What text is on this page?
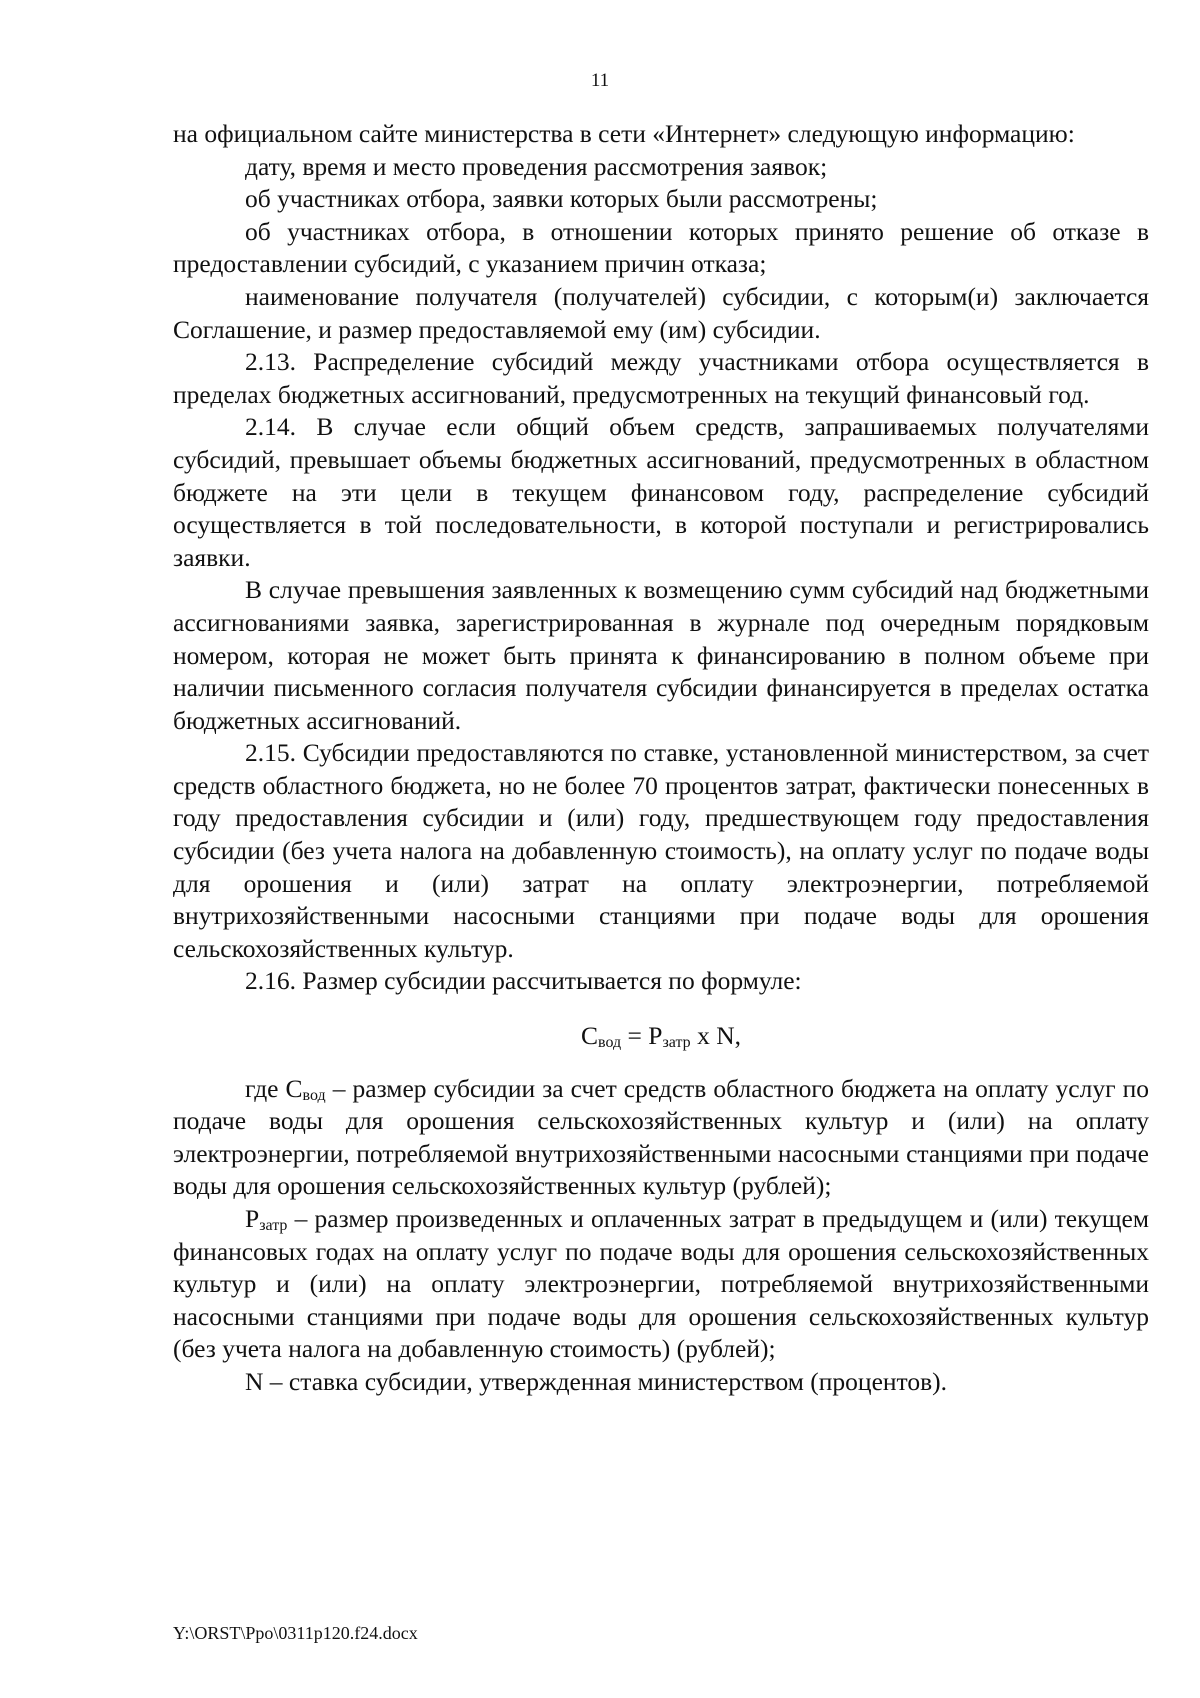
11

на официальном сайте министерства в сети «Интернет» следующую информацию:

дату, время и место проведения рассмотрения заявок;

об участниках отбора, заявки которых были рассмотрены;

об участниках отбора, в отношении которых принято решение об отказе в предоставлении субсидий, с указанием причин отказа;

наименование получателя (получателей) субсидии, с которым(и) заключается Соглашение, и размер предоставляемой ему (им) субсидии.

2.13. Распределение субсидий между участниками отбора осуществляется в пределах бюджетных ассигнований, предусмотренных на текущий финансовый год.

2.14. В случае если общий объем средств, запрашиваемых получателями субсидий, превышает объемы бюджетных ассигнований, предусмотренных в областном бюджете на эти цели в текущем финансовом году, распределение субсидий осуществляется в той последовательности, в которой поступали и регистрировались заявки.

В случае превышения заявленных к возмещению сумм субсидий над бюджетными ассигнованиями заявка, зарегистрированная в журнале под очередным порядковым номером, которая не может быть принята к финансированию в полном объеме при наличии письменного согласия получателя субсидии финансируется в пределах остатка бюджетных ассигнований.

2.15. Субсидии предоставляются по ставке, установленной министерством, за счет средств областного бюджета, но не более 70 процентов затрат, фактически понесенных в году предоставления субсидии и (или) году, предшествующем году предоставления субсидии (без учета налога на добавленную стоимость), на оплату услуг по подаче воды для орошения и (или) затрат на оплату электроэнергии, потребляемой внутрихозяйственными насосными станциями при подаче воды для орошения сельскохозяйственных культур.

2.16. Размер субсидии рассчитывается по формуле:

$С_{вод} = Р_{затр}$ х N,

где $С_{вод}$ – размер субсидии за счет средств областного бюджета на оплату услуг по подаче воды для орошения сельскохозяйственных культур и (или) на оплату электроэнергии, потребляемой внутрихозяйственными насосными станциями при подаче воды для орошения сельскохозяйственных культур (рублей);

$Р_{затр}$ – размер произведенных и оплаченных затрат в предыдущем и (или) текущем финансовых годах на оплату услуг по подаче воды для орошения сельскохозяйственных культур и (или) на оплату электроэнергии, потребляемой внутрихозяйственными насосными станциями при подаче воды для орошения сельскохозяйственных культур (без учета налога на добавленную стоимость) (рублей);

N – ставка субсидии, утвержденная министерством (процентов).

Y:\ORST\Ppo\0311p120.f24.docx
